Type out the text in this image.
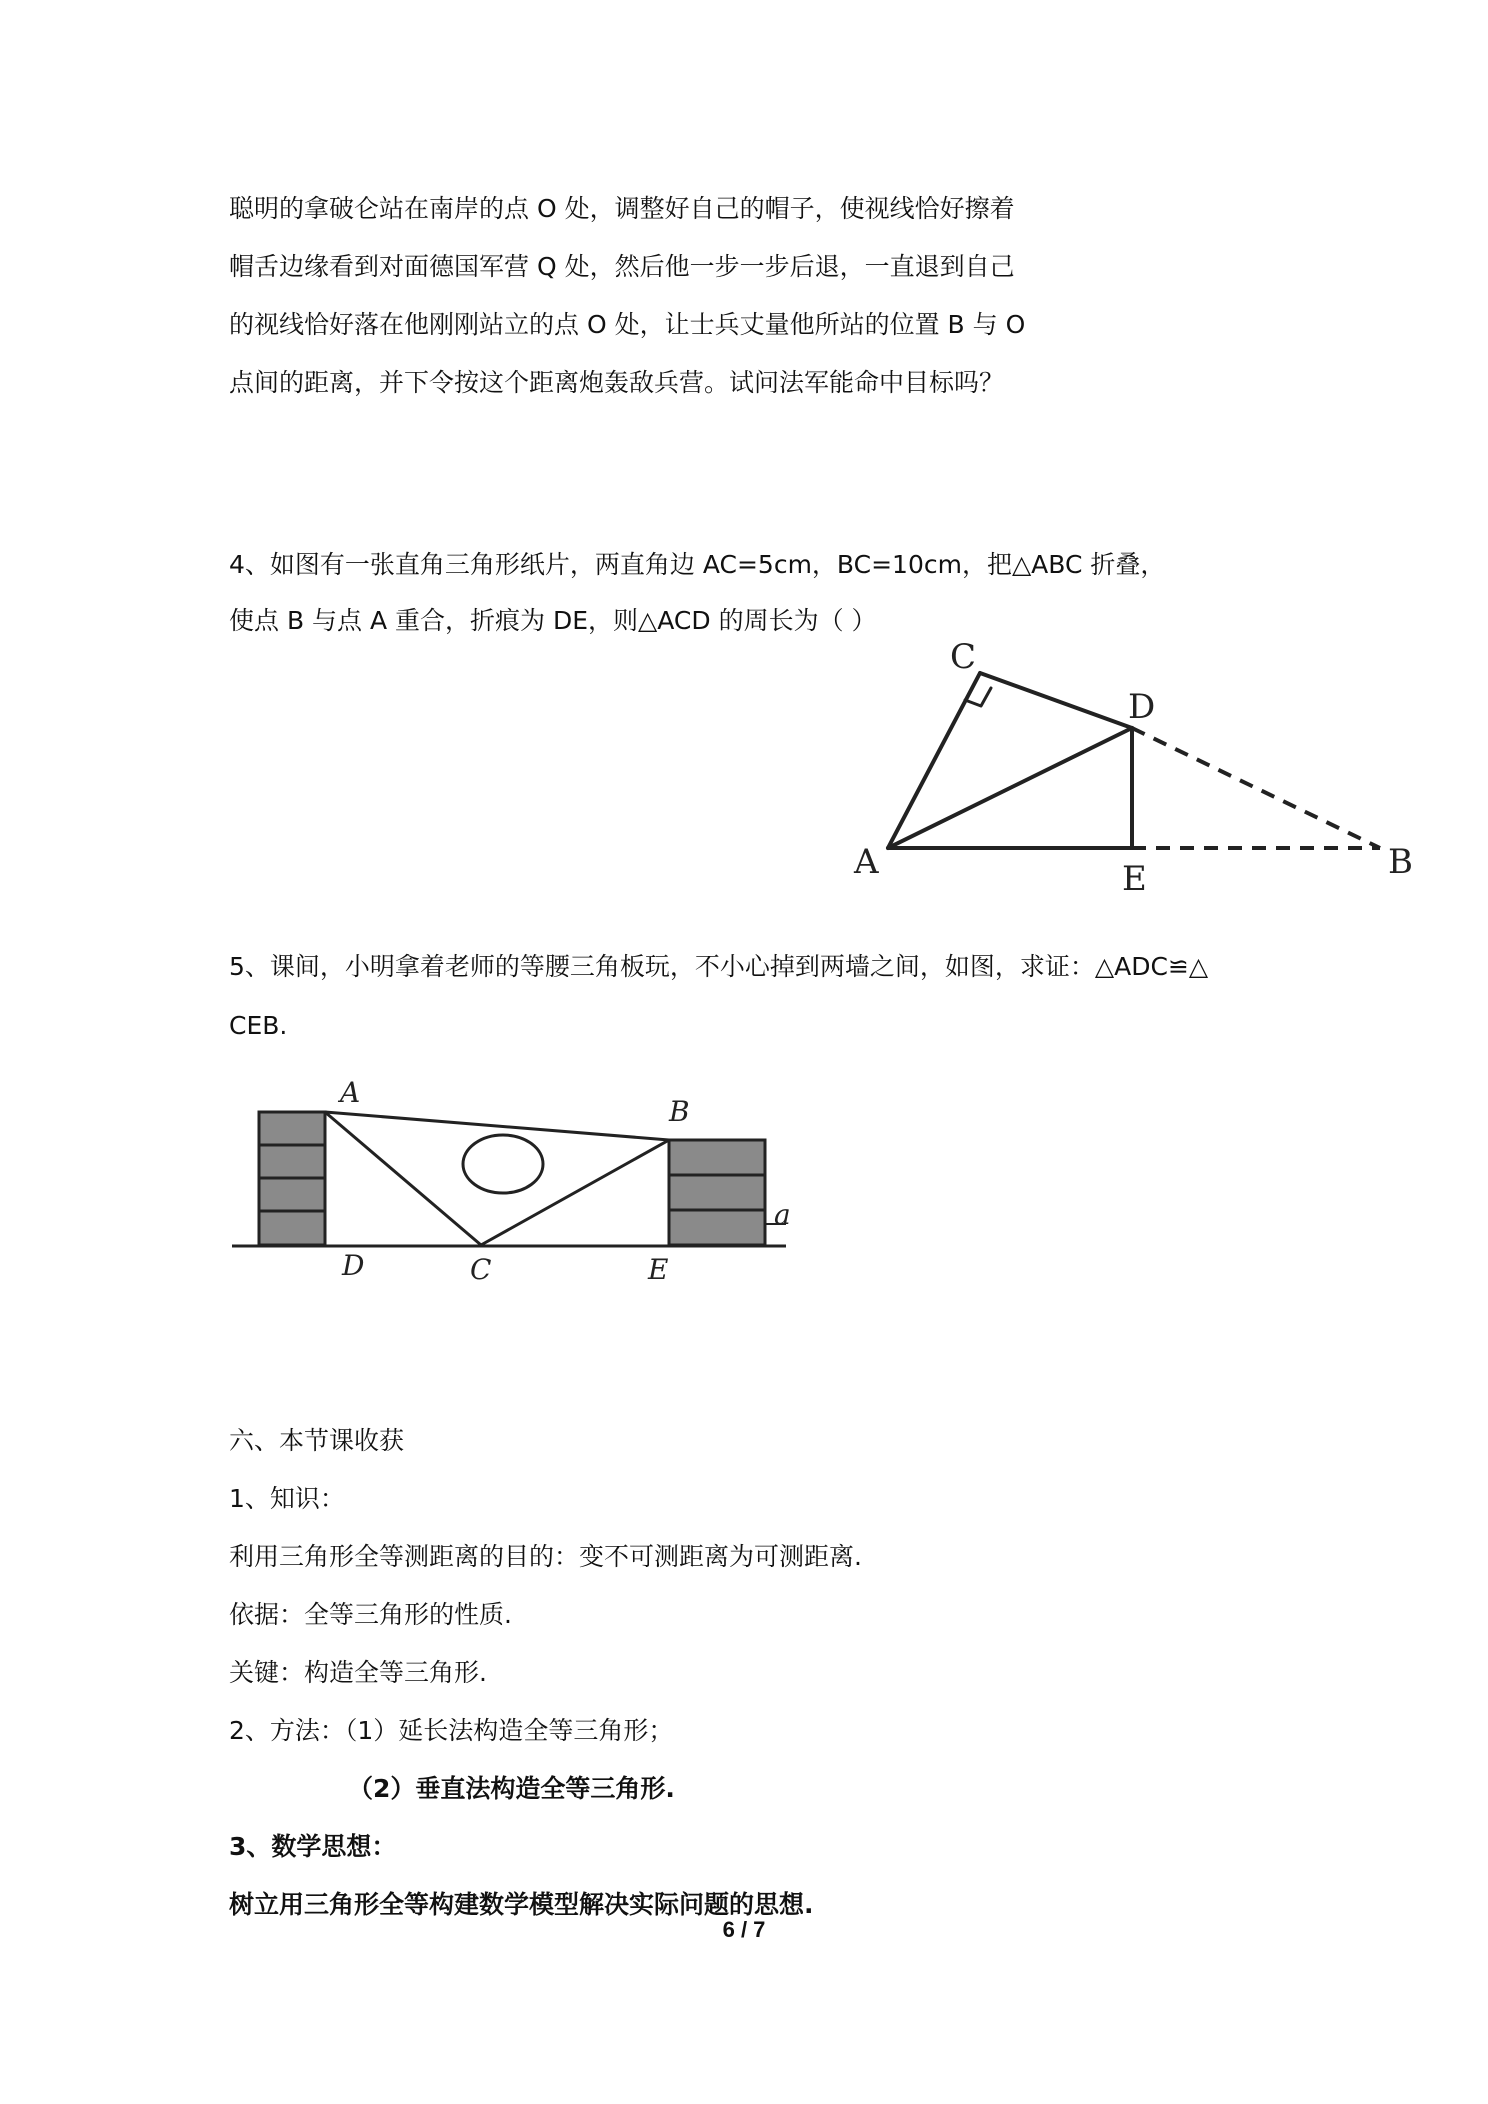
聪明的拿破仑站在南岸的点 O 处，调整好自己的帽子，使视线恰好擦着
帽舌边缘看到对面德国军营 Q 处，然后他一步一步后退，一直退到自己
的视线恰好落在他刚刚站立的点 O 处，让士兵丈量他所站的位置 B 与 O
点间的距离，并下令按这个距离炮轰敌兵营。试问法军能命中目标吗？
4、如图有一张直角三角形纸片，两直角边 AC=5cm，BC=10cm，把△ABC 折叠，
使点 B 与点 A 重合，折痕为 DE，则△ACD 的周长为（ ）
C
D
A	E	B
5、课间，小明拿着老师的等腰三角板玩，不小心掉到两墙之间，如图，求证：△ADC≌△
CEB.
A
B
D	C	E
a
六、本节课收获
1、知识：
利用三角形全等测距离的目的：变不可测距离为可测距离.
依据：全等三角形的性质.
关键：构造全等三角形.
2、方法：（1）延长法构造全等三角形；
（2）垂直法构造全等三角形.
3、数学思想：
树立用三角形全等构建数学模型解决实际问题的思想.
6 / 7
